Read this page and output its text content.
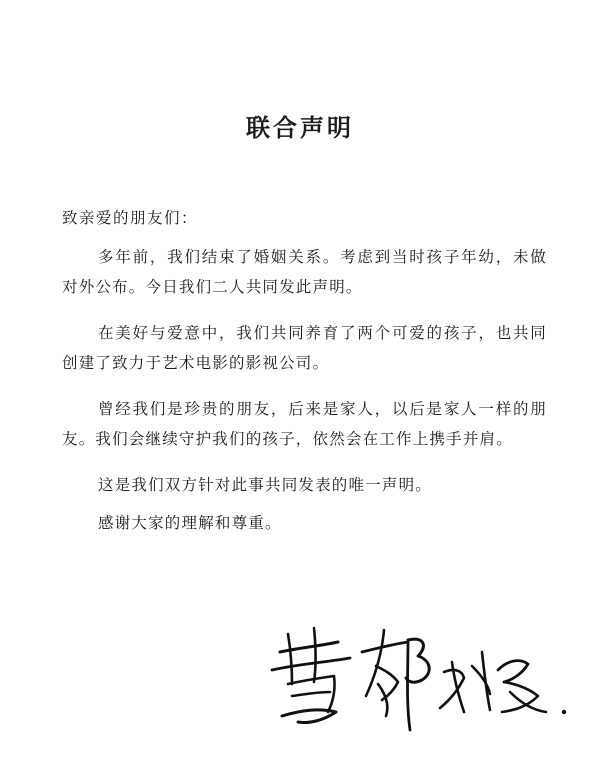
联合声明
致亲爱的朋友们：
多年前，我们结束了婚姻关系。考虑到当时孩子年幼，未做对外公布。今日我们二人共同发此声明。
在美好与爱意中，我们共同养育了两个可爱的孩子，也共同创建了致力于艺术电影的影视公司。
曾经我们是珍贵的朋友，后来是家人，以后是家人一样的朋友。我们会继续守护我们的孩子，依然会在工作上携手并肩。
这是我们双方针对此事共同发表的唯一声明。
感谢大家的理解和尊重。
